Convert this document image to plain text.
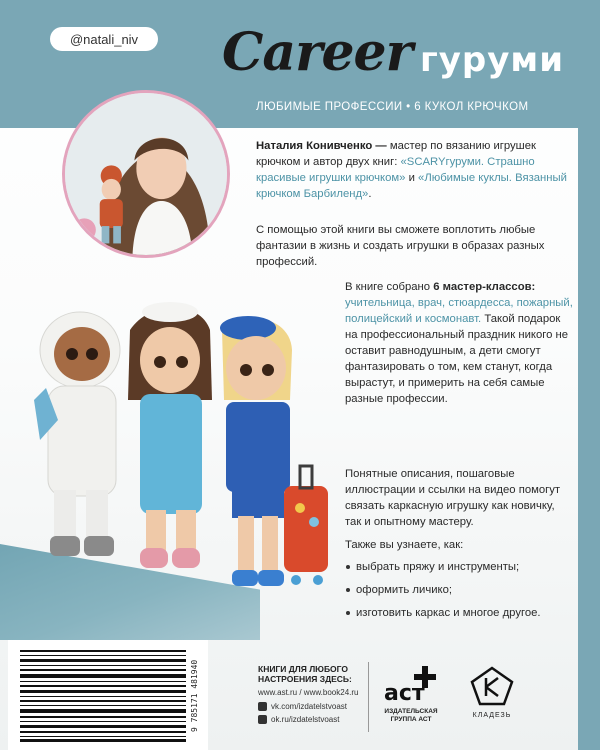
@natali_niv	Career гуруми
ЛЮБИМЫЕ ПРОФЕССИИ • 6 КУКОЛ КРЮЧКОМ

Наталия Конивченко — мастер по вязанию игрушек крючком и автор двух книг: «SCARYгуруми. Страшно красивые игрушки крючком» и «Любимые куклы. Вязанный крючком Барбиленд».

С помощью этой книги вы сможете воплотить любые фантазии в жизнь и создать игрушки в образах разных профессий.

В книге собрано 6 мастер-классов: учительница, врач, стюардесса, пожарный, полицейский и космонавт. Такой подарок на профессиональный праздник никого не оставит равнодушным, а дети смогут фантазировать о том, кем станут, когда вырастут, и примерить на себя самые разные профессии.

Понятные описания, пошаговые иллюстрации и ссылки на видео помогут связать каркасную игрушку как новичку, так и опытному мастеру.

Также вы узнаете, как:

выбрать пряжу и инструменты;
оформить личико;
изготовить каркас и многое другое.
9 785171 481940	КНИГИ ДЛЯ ЛЮБОГО НАСТРОЕНИЯ ЗДЕСЬ:
www.ast.ru / www.book24.ru
vk.com/izdatelstvoast
ok.ru/izdatelstvoast
аст
ИЗДАТЕЛЬСКАЯ ГРУППА АСТ
КЛАДЕЗЬ
